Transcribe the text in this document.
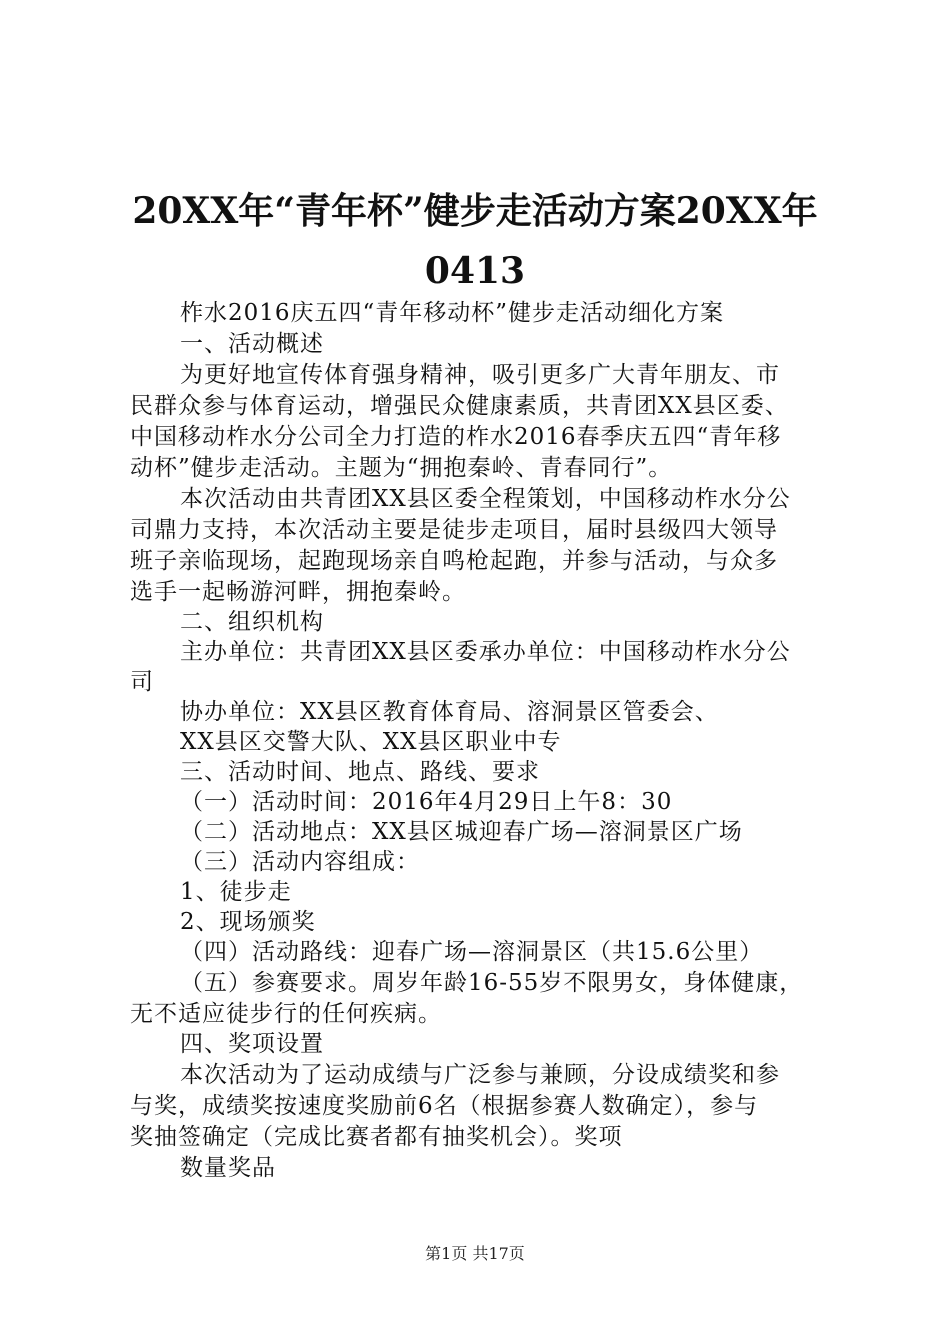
20XX年“青年杯”健步走活动方案20XX年
0413
柞水2016庆五四“青年移动杯”健步走活动细化方案
一、活动概述
为更好地宣传体育强身精神，吸引更多广大青年朋友、市
民群众参与体育运动，增强民众健康素质，共青团XX县区委、
中国移动柞水分公司全力打造的柞水2016春季庆五四“青年移
动杯”健步走活动。主题为“拥抱秦岭、青春同行”。
本次活动由共青团XX县区委全程策划，中国移动柞水分公
司鼎力支持，本次活动主要是徒步走项目，届时县级四大领导
班子亲临现场，起跑现场亲自鸣枪起跑，并参与活动，与众多
选手一起畅游河畔，拥抱秦岭。
二、组织机构
主办单位：共青团XX县区委承办单位：中国移动柞水分公
司
协办单位：XX县区教育体育局、溶洞景区管委会、
XX县区交警大队、XX县区职业中专
三、活动时间、地点、路线、要求
（一）活动时间：2016年4月29日上午8：30
（二）活动地点：XX县区城迎春广场—溶洞景区广场
（三）活动内容组成：
1、徒步走
2、现场颁奖
（四）活动路线：迎春广场—溶洞景区（共15.6公里）
（五）参赛要求。周岁年龄16-55岁不限男女，身体健康，
无不适应徒步行的任何疾病。
四、奖项设置
本次活动为了运动成绩与广泛参与兼顾，分设成绩奖和参
与奖，成绩奖按速度奖励前6名（根据参赛人数确定），参与
奖抽签确定（完成比赛者都有抽奖机会）。奖项
数量奖品
第1页 共17页
